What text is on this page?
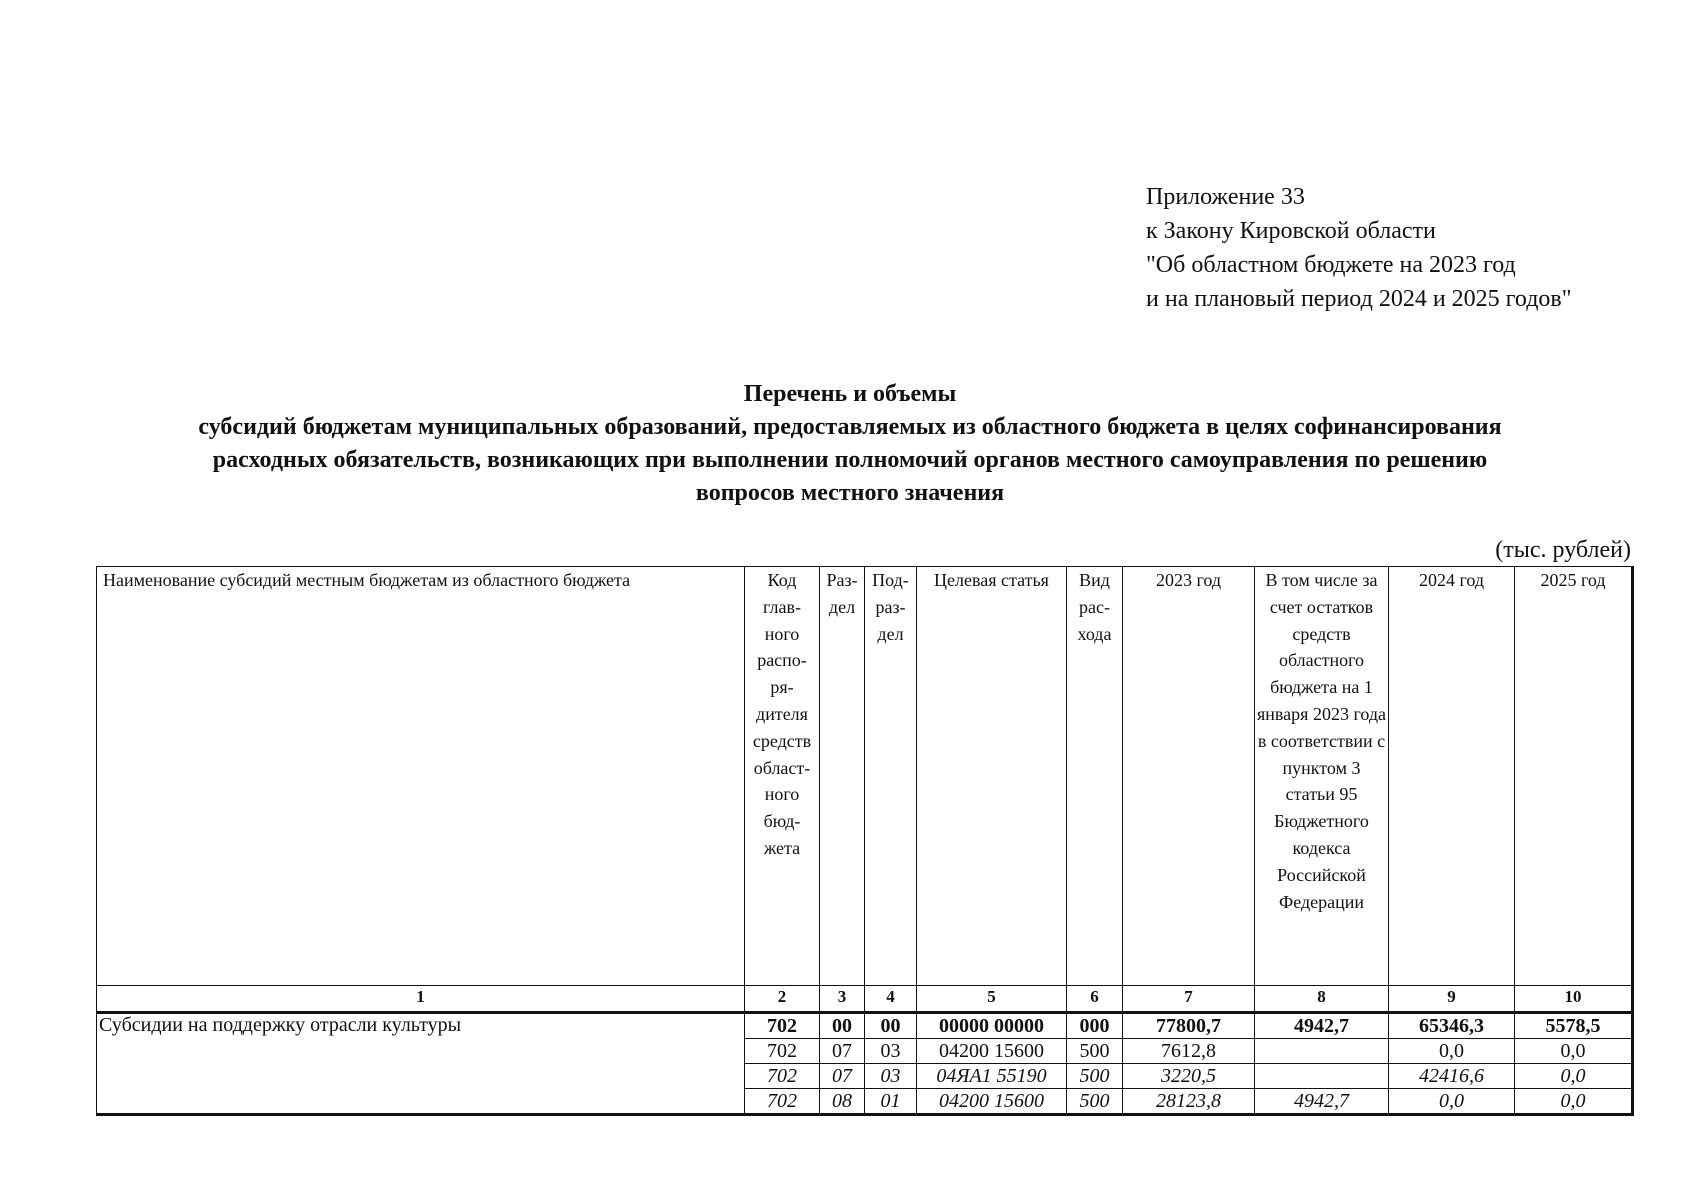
Приложение 33
к Закону Кировской области
"Об областном бюджете на 2023 год
и на плановый период 2024 и 2025 годов"
Перечень и объемы
субсидий бюджетам муниципальных образований, предоставляемых из областного бюджета в целях софинансирования
расходных обязательств, возникающих при выполнении полномочий органов местного самоуправления по решению
вопросов местного значения
(тыс. рублей)
Наименование субсидий местным бюджетам из областного бюджета	Код глав-ного распо-ря-дителя средств област-ного бюд-жета	Раз-дел	Под-раз-дел	Целевая статья	Вид рас-хода	2023 год	В том числе за счет остатков средств областного бюджета на 1 января 2023 года в соответствии с пунктом 3 статьи 95 Бюджетного кодекса Российской Федерации	2024 год	2025 год
1	2	3	4	5	6	7	8	9	10
Субсидии на поддержку отрасли культуры	702	00	00	00000 00000	000	77800,7	4942,7	65346,3	5578,5
	702	07	03	04200 15600	500	7612,8		0,0	0,0
	702	07	03	04ЯА1 55190	500	3220,5		42416,6	0,0
	702	08	01	04200 15600	500	28123,8	4942,7	0,0	0,0
